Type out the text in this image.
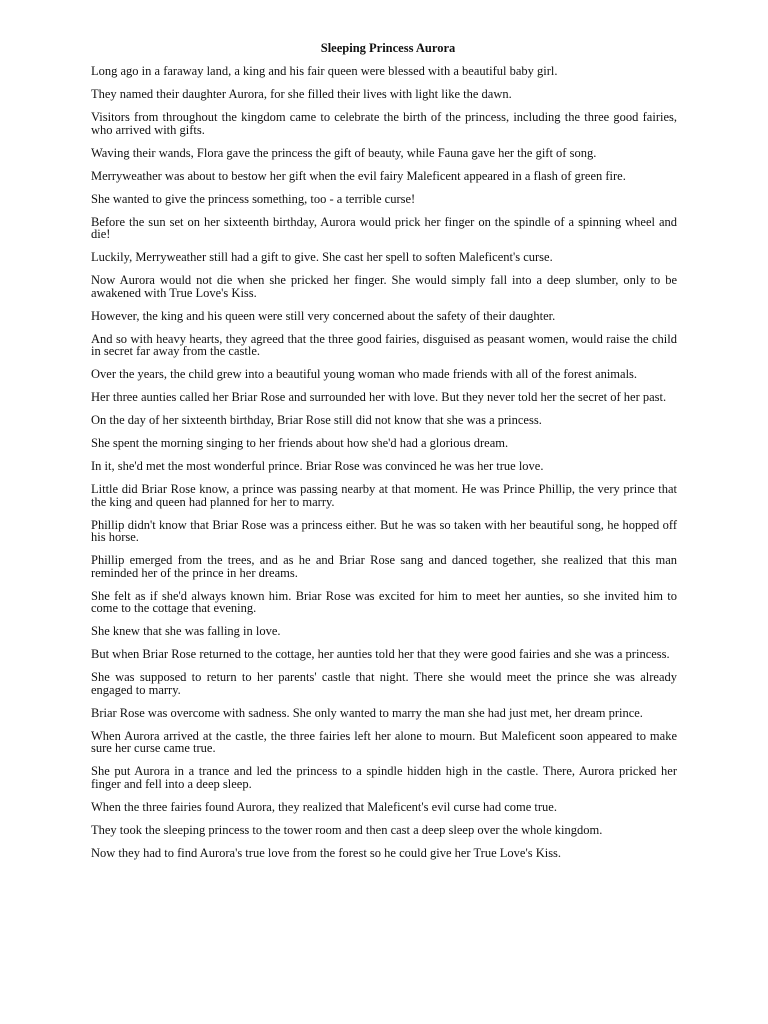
Sleeping Princess Aurora

Long ago in a faraway land, a king and his fair queen were blessed with a beautiful baby girl.

They named their daughter Aurora, for she filled their lives with light like the dawn.

Visitors from throughout the kingdom came to celebrate the birth of the princess, including the three good fairies, who arrived with gifts.

Waving their wands, Flora gave the princess the gift of beauty, while Fauna gave her the gift of song.

Merryweather was about to bestow her gift when the evil fairy Maleficent appeared in a flash of green fire.

She wanted to give the princess something, too - a terrible curse!

Before the sun set on her sixteenth birthday, Aurora would prick her finger on the spindle of a spinning wheel and die!

Luckily, Merryweather still had a gift to give. She cast her spell to soften Maleficent's curse.

Now Aurora would not die when she pricked her finger. She would simply fall into a deep slumber, only to be awakened with True Love's Kiss.

However, the king and his queen were still very concerned about the safety of their daughter.

And so with heavy hearts, they agreed that the three good fairies, disguised as peasant women, would raise the child in secret far away from the castle.

Over the years, the child grew into a beautiful young woman who made friends with all of the forest animals.

Her three aunties called her Briar Rose and surrounded her with love. But they never told her the secret of her past.

On the day of her sixteenth birthday, Briar Rose still did not know that she was a princess.

She spent the morning singing to her friends about how she'd had a glorious dream.

In it, she'd met the most wonderful prince. Briar Rose was convinced he was her true love.

Little did Briar Rose know, a prince was passing nearby at that moment. He was Prince Phillip, the very prince that the king and queen had planned for her to marry.

Phillip didn't know that Briar Rose was a princess either. But he was so taken with her beautiful song, he hopped off his horse.

Phillip emerged from the trees, and as he and Briar Rose sang and danced together, she realized that this man reminded her of the prince in her dreams.

She felt as if she'd always known him. Briar Rose was excited for him to meet her aunties, so she invited him to come to the cottage that evening.

She knew that she was falling in love.

But when Briar Rose returned to the cottage, her aunties told her that they were good fairies and she was a princess.

She was supposed to return to her parents' castle that night. There she would meet the prince she was already engaged to marry.

Briar Rose was overcome with sadness. She only wanted to marry the man she had just met, her dream prince.

When Aurora arrived at the castle, the three fairies left her alone to mourn. But Maleficent soon appeared to make sure her curse came true.

She put Aurora in a trance and led the princess to a spindle hidden high in the castle. There, Aurora pricked her finger and fell into a deep sleep.

When the three fairies found Aurora, they realized that Maleficent's evil curse had come true.

They took the sleeping princess to the tower room and then cast a deep sleep over the whole kingdom.

Now they had to find Aurora's true love from the forest so he could give her True Love's Kiss.
